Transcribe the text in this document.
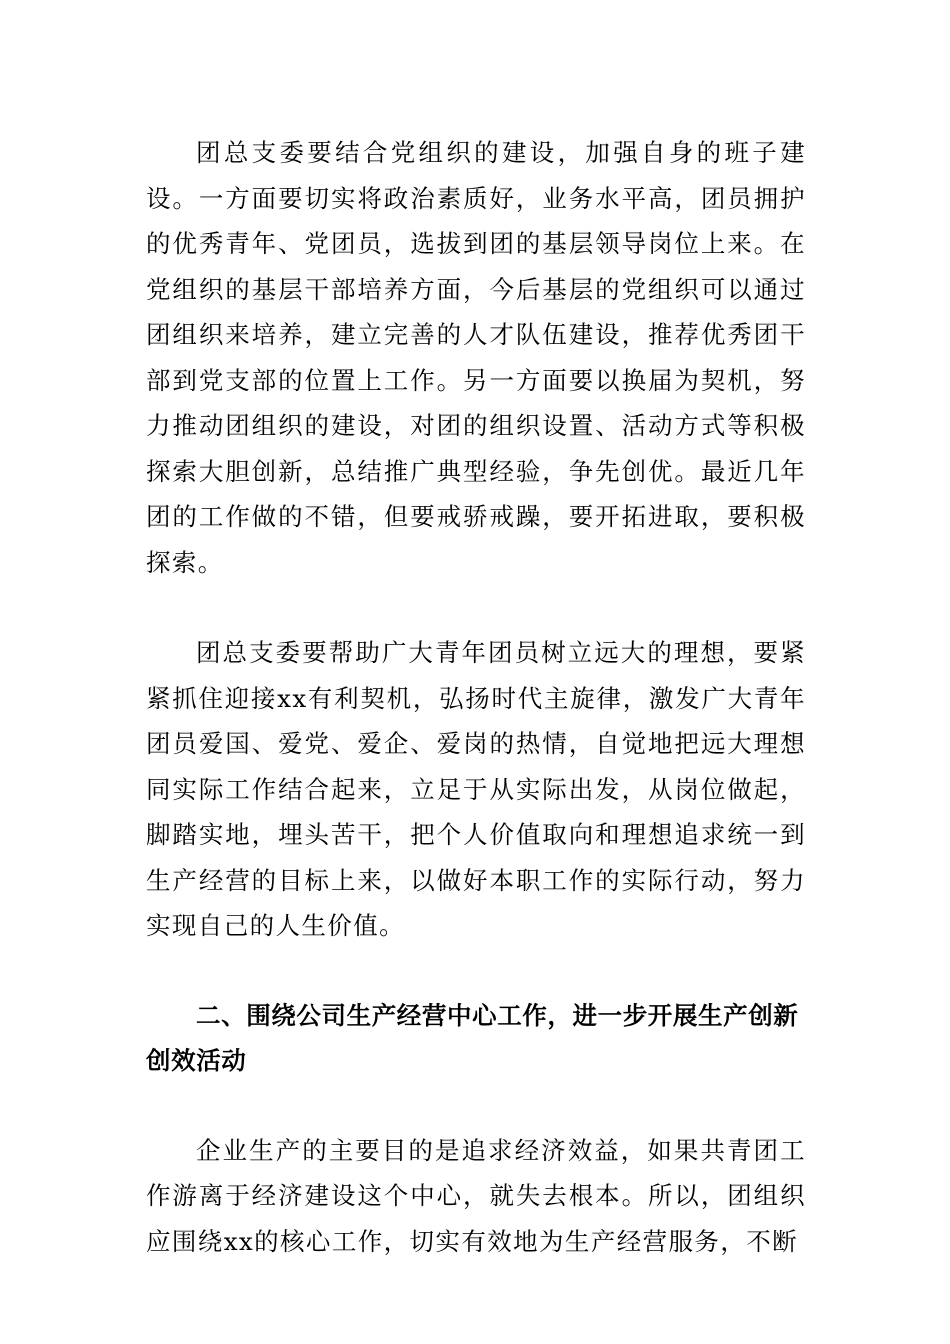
团总支委要结合党组织的建设，加强自身的班子建设。一方面要切实将政治素质好，业务水平高，团员拥护的优秀青年、党团员，选拔到团的基层领导岗位上来。在党组织的基层干部培养方面，今后基层的党组织可以通过团组织来培养，建立完善的人才队伍建设，推荐优秀团干部到党支部的位置上工作。另一方面要以换届为契机，努力推动团组织的建设，对团的组织设置、活动方式等积极探索大胆创新，总结推广典型经验，争先创优。最近几年团的工作做的不错，但要戒骄戒躁，要开拓进取，要积极探索。

团总支委要帮助广大青年团员树立远大的理想，要紧紧抓住迎接xx有利契机，弘扬时代主旋律，激发广大青年团员爱国、爱党、爱企、爱岗的热情，自觉地把远大理想同实际工作结合起来，立足于从实际出发，从岗位做起，脚踏实地，埋头苦干，把个人价值取向和理想追求统一到生产经营的目标上来，以做好本职工作的实际行动，努力实现自己的人生价值。

二、围绕公司生产经营中心工作，进一步开展生产创新创效活动

企业生产的主要目的是追求经济效益，如果共青团工作游离于经济建设这个中心，就失去根本。所以，团组织应围绕xx的核心工作，切实有效地为生产经营服务，不断
